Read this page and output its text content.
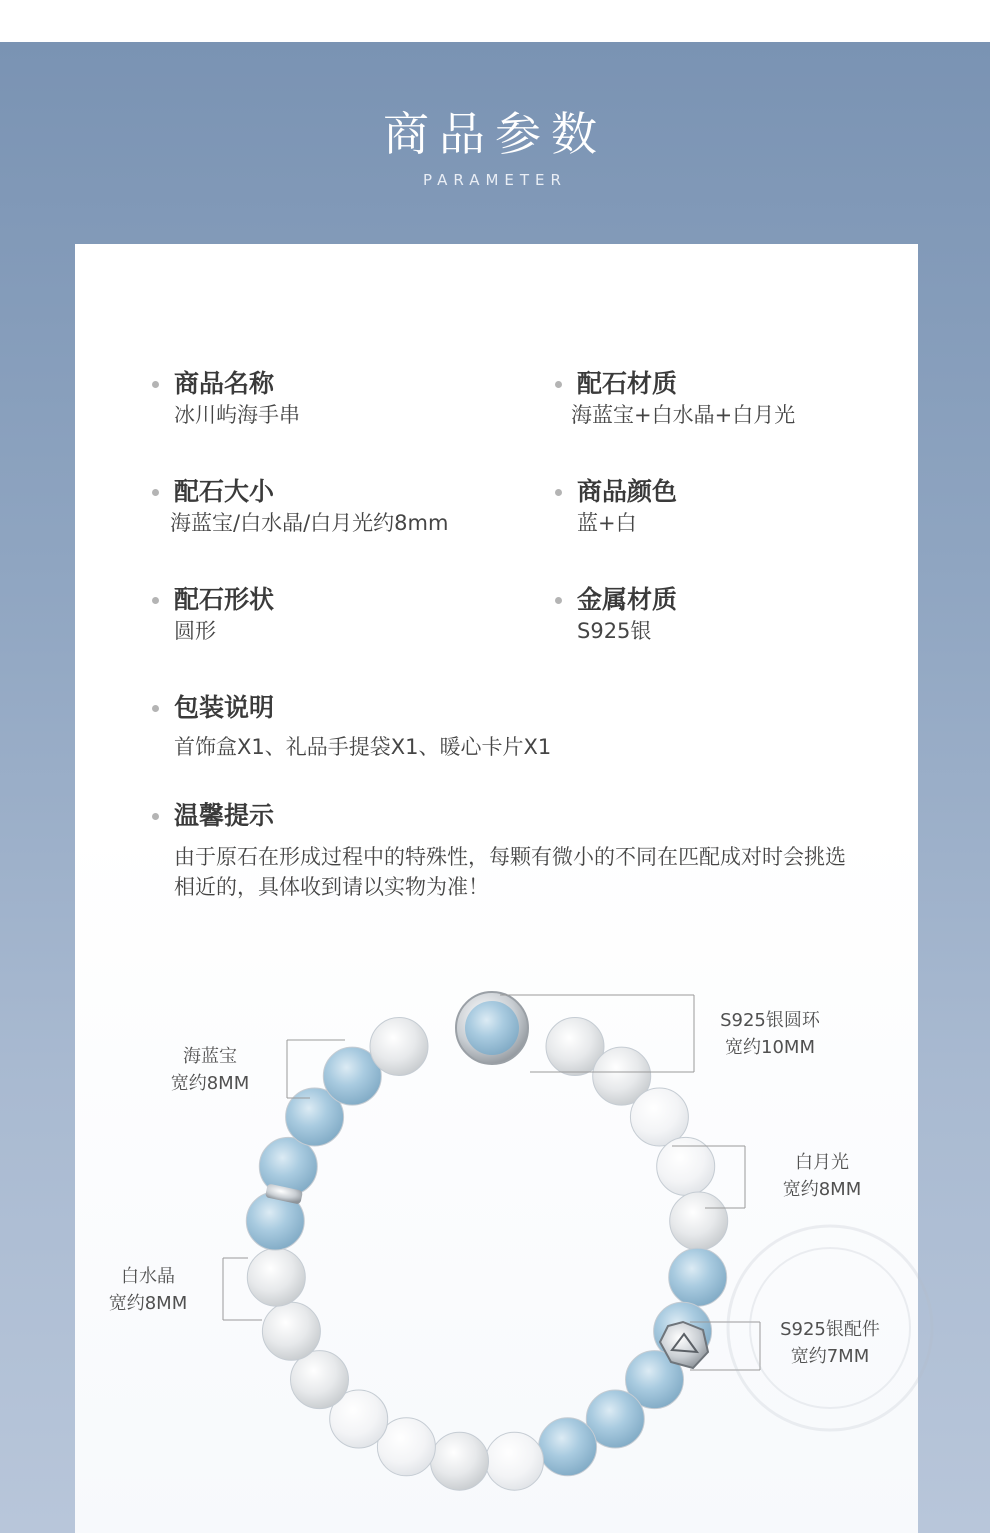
商品参数
PARAMETER
商品名称
冰川屿海手串
配石材质
海蓝宝+白水晶+白月光
配石大小
海蓝宝/白水晶/白月光约8mm
商品颜色
蓝+白
配石形状
圆形
金属材质
S925银
包装说明
首饰盒X1、礼品手提袋X1、暖心卡片X1
温馨提示
由于原石在形成过程中的特殊性，每颗有微小的不同在匹配成对时会挑选相近的，具体收到请以实物为准！
海蓝宝
宽约8MM
白水晶
宽约8MM
S925银圆环
宽约10MM
白月光
宽约8MM
S925银配件
宽约7MM
